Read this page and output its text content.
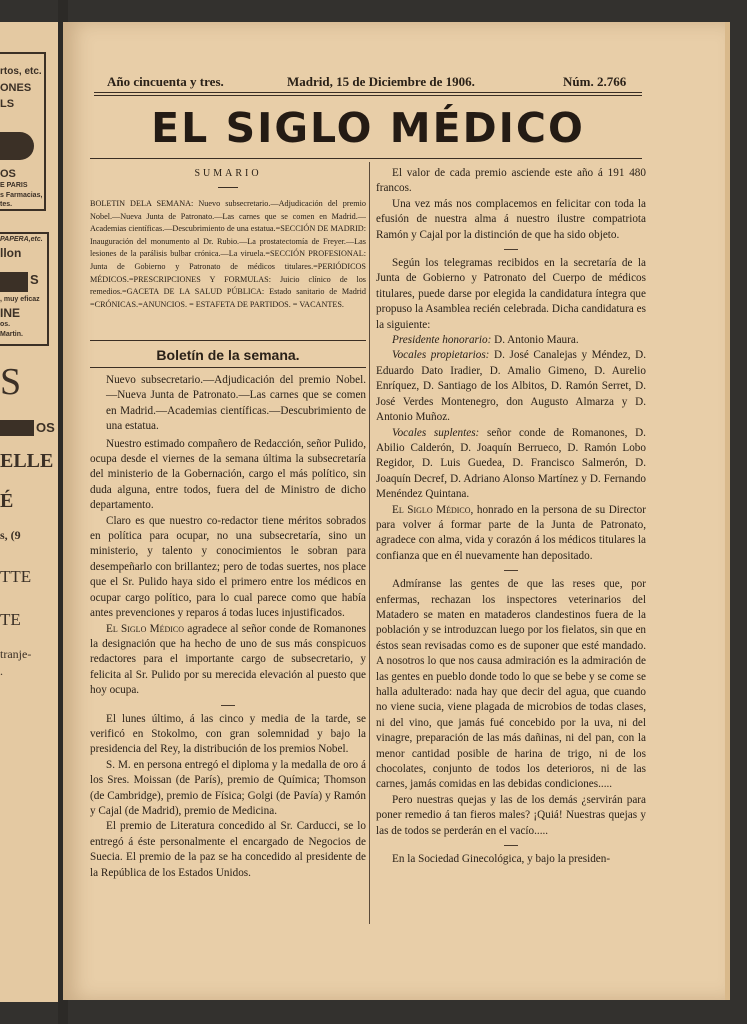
rtos, etc.
ONES
LS
OS
E PARIS
s Farmacias,
tes.
PAPERA,etc.
llon
S
, muy eficaz
INE
os.
Martin.
S
OS
ELLE
É
s, (9
TTE
TE
tranje-
.
Año cincuenta y tres.	Madrid, 15 de Diciembre de 1906.	Núm. 2.766
EL SIGLO MÉDICO
SUMARIO
BOLETIN DELA SEMANA: Nuevo subsecretario.—Adjudicación del premio Nobel.—Nueva Junta de Patronato.—Las carnes que se comen en Madrid.—Academias científicas.—Descubrimiento de una estatua.=SECCIÓN DE MADRID: Inauguración del monumento al Dr. Rubio.—La prostatectomía de Freyer.—Las lesiones de la parálisis bulbar crónica.—La viruela.=SECCIÓN PROFESIONAL: Junta de Gobierno y Patronato de médicos titulares.=PERIÓDICOS MÉDICOS.=PRESCRIPCIONES Y FORMULAS: Juicio clínico de los remedios.=GACETA DE LA SALUD PÚBLICA: Estado sanitario de Madrid =CRÓNICAS.=ANUNCIOS. = ESTAFETA DE PARTIDOS. = VACANTES.
Boletín de la semana.

Nuevo subsecretario.—Adjudicación del premio Nobel.—Nueva Junta de Patronato.—Las carnes que se comen en Madrid.—Academias científicas.—Descubrimiento de una estatua.

Nuestro estimado compañero de Redacción, señor Pulido, ocupa desde el viernes de la semana última la subsecretaría del ministerio de la Gobernación, cargo el más político, sin duda alguna, entre todos, fuera del de Ministro de dicho departamento.

Claro es que nuestro co-redactor tiene méritos sobrados en política para ocupar, no una subsecretaría, sino un ministerio, y talento y conocimientos le sobran para desempeñarlo con brillantez; pero de todas suertes, nos place que el Sr. Pulido haya sido el primero entre los médicos en ocupar cargo político, para lo cual parece como que había antes prevenciones y reparos á todas luces injustificados.

El Siglo Médico agradece al señor conde de Romanones la designación que ha hecho de uno de sus más conspicuos redactores para el importante cargo de subsecretario, y felicita al Sr. Pulido por su merecida elevación al puesto que hoy ocupa.

El lunes último, á las cinco y media de la tarde, se verificó en Stokolmo, con gran solemnidad y bajo la presidencia del Rey, la distribución de los premios Nobel.

S. M. en persona entregó el diploma y la medalla de oro á los Sres. Moissan (de París), premio de Química; Thomson (de Cambridge), premio de Física; Golgi (de Pavía) y Ramón y Cajal (de Madrid), premio de Medicina.

El premio de Literatura concedido al Sr. Carducci, se lo entregó á éste personalmente el encargado de Negocios de Suecia. El premio de la paz se ha concedido al presidente de la República de los Estados Unidos.

El valor de cada premio asciende este año á 191 480 francos.

Una vez más nos complacemos en felicitar con toda la efusión de nuestra alma á nuestro ilustre compatriota Ramón y Cajal por la distinción de que ha sido objeto.

Según los telegramas recibidos en la secretaría de la Junta de Gobierno y Patronato del Cuerpo de médicos titulares, puede darse por elegida la candidatura íntegra que propuso la Asamblea recién celebrada. Dicha candidatura es la siguiente:

Presidente honorario: D. Antonio Maura.

Vocales propietarios: D. José Canalejas y Méndez, D. Eduardo Dato Iradier, D. Amalio Gimeno, D. Aurelio Enríquez, D. Santiago de los Albitos, D. Ramón Serret, D. José Verdes Montenegro, don Augusto Almarza y D. Antonio Muñoz.

Vocales suplentes: señor conde de Romanones, D. Abilio Calderón, D. Joaquín Berrueco, D. Ramón Lobo Regidor, D. Luis Guedea, D. Francisco Salmerón, D. Joaquín Decref, D. Adriano Alonso Martínez y D. Fernando Menéndez Quintana.

El Siglo Médico, honrado en la persona de su Director para volver á formar parte de la Junta de Patronato, agradece con alma, vida y corazón á los médicos titulares la confianza que en él nuevamente han depositado.

Admíranse las gentes de que las reses que, por enfermas, rechazan los inspectores veterinarios del Matadero se maten en mataderos clandestinos fuera de la población y se introduzcan luego por los fielatos, sin que en éstos sean revisadas como es de suponer que esté mandado. A nosotros lo que nos causa admiración es la admiración de las gentes en pueblo donde todo lo que se bebe y se come se halla adulterado: nada hay que decir del agua, que cuando no viene sucia, viene plagada de microbios de todas clases, ni del vino, que jamás fué concebido por la uva, ni del vinagre, preparación de las más dañinas, ni del pan, con la menor cantidad posible de harina de trigo, ni de los chocolates, conjunto de todos los deterioros, ni de las carnes, jamás comidas en las debidas condiciones.....

Pero nuestras quejas y las de los demás ¿servirán para poner remedio á tan fieros males? ¡Quiá! Nuestras quejas y las de todos se perderán en el vacío.....

En la Sociedad Ginecológica, y bajo la presiden-
